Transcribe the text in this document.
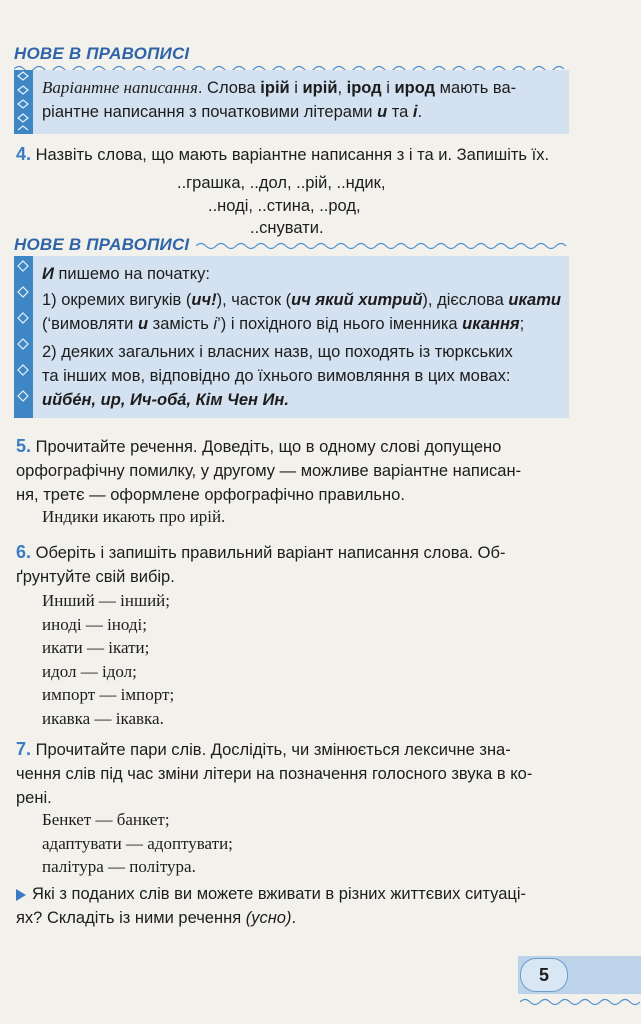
НОВЕ В ПРАВОПИСІ
Варіантне написання. Слова ірій і ирій, ірод і ирод мають ва-
ріантне написання з початковими літерами и та і.
4. Назвіть слова, що мають варіантне написання з і та и. Запишіть їх.
..грашка, ..дол, ..рій, ..ндик,
..ноді, ..стина, ..род,
..снувати.
НОВЕ В ПРАВОПИСІ
И пишемо на початку:

1) окремих вигуків (ич!), часток (ич який хитрий), дієслова икати
(‘вимовляти и замість і’) і похідного від нього іменника икання;
2) деяких загальних і власних назв, що походять із тюркських
та інших мов, відповідно до їхнього вимовляння в цих мовах:
ийбе́н, ир, Ич-оба́, Кім Чен Ин.
5. Прочитайте речення. Доведіть, що в одному слові допущено
орфографічну помилку, у другому — можливе варіантне написан-
ня, третє — оформлене орфографічно правильно.
Индики икають про ирій.
6. Оберіть і запишіть правильний варіант написання слова. Об-
ґрунтуйте свій вибір.
Инший — інший;
иноді — іноді;
икати — ікати;
идол — ідол;
импорт — імпорт;
икавка — ікавка.
7. Прочитайте пари слів. Дослідіть, чи змінюється лексичне зна-
чення слів під час зміни літери на позначення голосного звука в ко-
рені.
Бенкет — банкет;
адаптувати — адоптувати;
палітура — політура.
Які з поданих слів ви можете вживати в різних життєвих ситуаці-
ях? Складіть із ними речення (усно).
5
